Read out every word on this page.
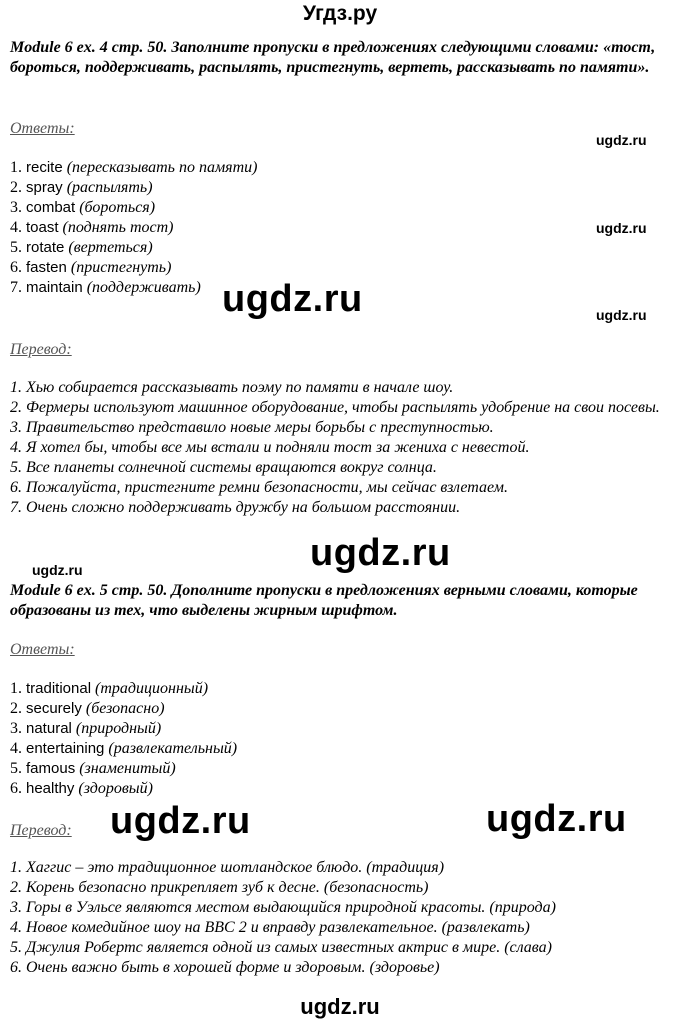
Угдз.ру
Module 6 ex. 4 стр. 50. Заполните пропуски в предложениях следующими словами: «тост, бороться, поддерживать, распылять, пристегнуть, вертеть, рассказывать по памяти».
Ответы:
1. recite (пересказывать по памяти)
2. spray (распылять)
3. combat (бороться)
4. toast (поднять тост)
5. rotate (вертеться)
6. fasten (пристегнуть)
7. maintain (поддерживать)
Перевод:
1. Хью собирается рассказывать поэму по памяти в начале шоу.
2. Фермеры используют машинное оборудование, чтобы распылять удобрение на свои посевы.
3. Правительство представило новые меры борьбы с преступностью.
4. Я хотел бы, чтобы все мы встали и подняли тост за жениха с невестой.
5. Все планеты солнечной системы вращаются вокруг солнца.
6. Пожалуйста, пристегните ремни безопасности, мы сейчас взлетаем.
7. Очень сложно поддерживать дружбу на большом расстоянии.
Module 6 ex. 5 стр. 50. Дополните пропуски в предложениях верными словами, которые образованы из тех, что выделены жирным шрифтом.
Ответы:
1. traditional (традиционный)
2. securely (безопасно)
3. natural (природный)
4. entertaining (развлекательный)
5. famous (знаменитый)
6. healthy (здоровый)
Перевод:
1. Хаггис – это традиционное шотландское блюдо. (традиция)
2. Корень безопасно прикрепляет зуб к десне. (безопасность)
3. Горы в Уэльсе являются местом выдающийся природной красоты. (природа)
4. Новое комедийное шоу на BBC 2 и вправду развлекательное. (развлекать)
5. Джулия Робертс является одной из самых известных актрис в мире. (слава)
6. Очень важно быть в хорошей форме и здоровым. (здоровье)
ugdz.ru
ugdz.ru
ugdz.ru
ugdz.ru
ugdz.ru
ugdz.ru
ugdz.ru
ugdz.ru
ugdz.ru
